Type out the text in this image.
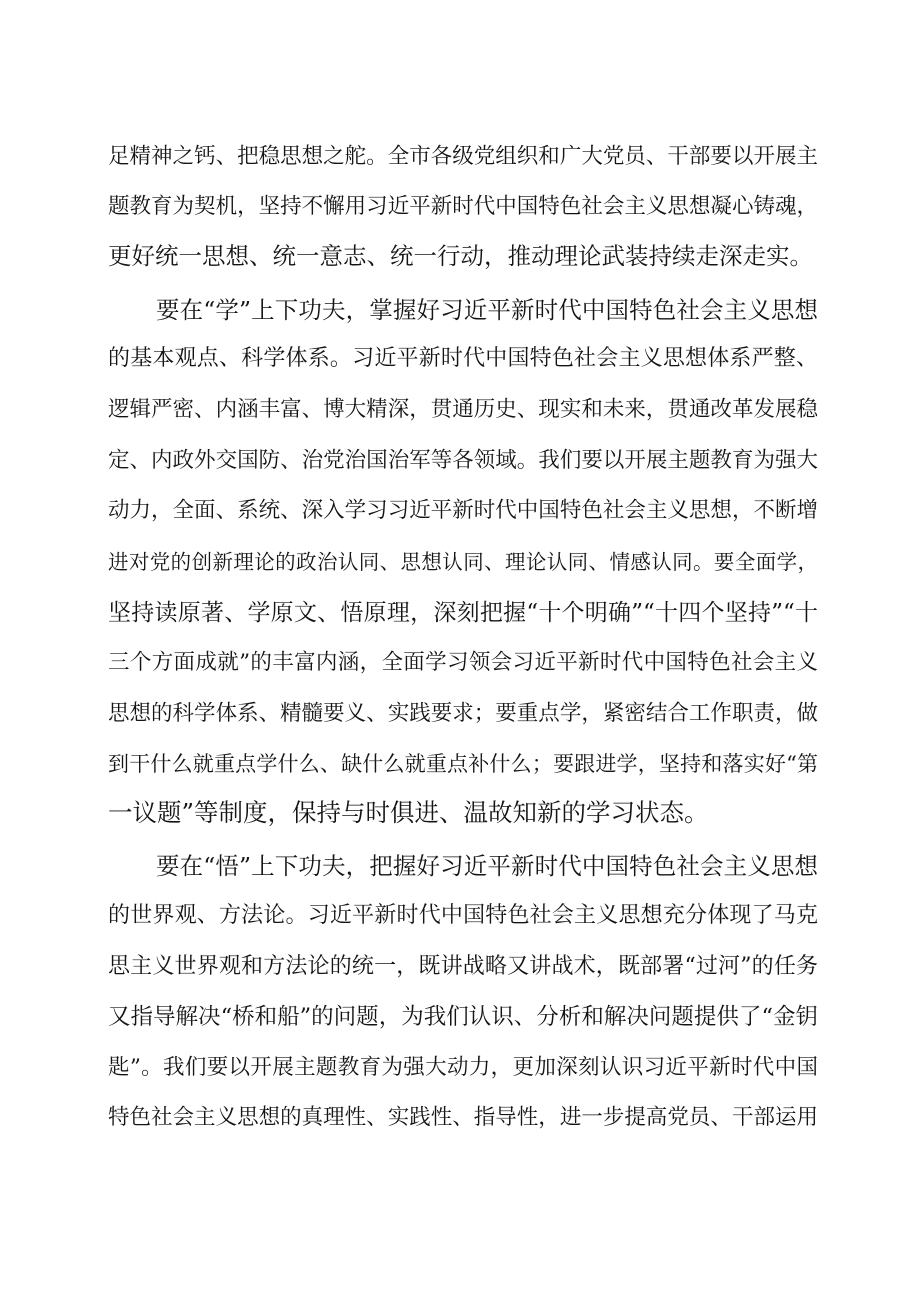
足精神之钙、把稳思想之舵。全市各级党组织和广大党员、干部要以开展主
题教育为契机，坚持不懈用习近平新时代中国特色社会主义思想凝心铸魂，
更好统一思想、统一意志、统一行动，推动理论武装持续走深走实。
要在“学”上下功夫，掌握好习近平新时代中国特色社会主义思想
的基本观点、科学体系。习近平新时代中国特色社会主义思想体系严整、
逻辑严密、内涵丰富、博大精深，贯通历史、现实和未来，贯通改革发展稳
定、内政外交国防、治党治国治军等各领域。我们要以开展主题教育为强大
动力，全面、系统、深入学习习近平新时代中国特色社会主义思想，不断增
进对党的创新理论的政治认同、思想认同、理论认同、情感认同。要全面学，
坚持读原著、学原文、悟原理，深刻把握“十个明确”“十四个坚持”“十
三个方面成就”的丰富内涵，全面学习领会习近平新时代中国特色社会主义
思想的科学体系、精髓要义、实践要求；要重点学，紧密结合工作职责，做
到干什么就重点学什么、缺什么就重点补什么；要跟进学，坚持和落实好“第
一议题”等制度，保持与时俱进、温故知新的学习状态。
要在“悟”上下功夫，把握好习近平新时代中国特色社会主义思想
的世界观、方法论。习近平新时代中国特色社会主义思想充分体现了马克
思主义世界观和方法论的统一，既讲战略又讲战术，既部署“过河”的任务
又指导解决“桥和船”的问题，为我们认识、分析和解决问题提供了“金钥
匙”。我们要以开展主题教育为强大动力，更加深刻认识习近平新时代中国
特色社会主义思想的真理性、实践性、指导性，进一步提高党员、干部运用
